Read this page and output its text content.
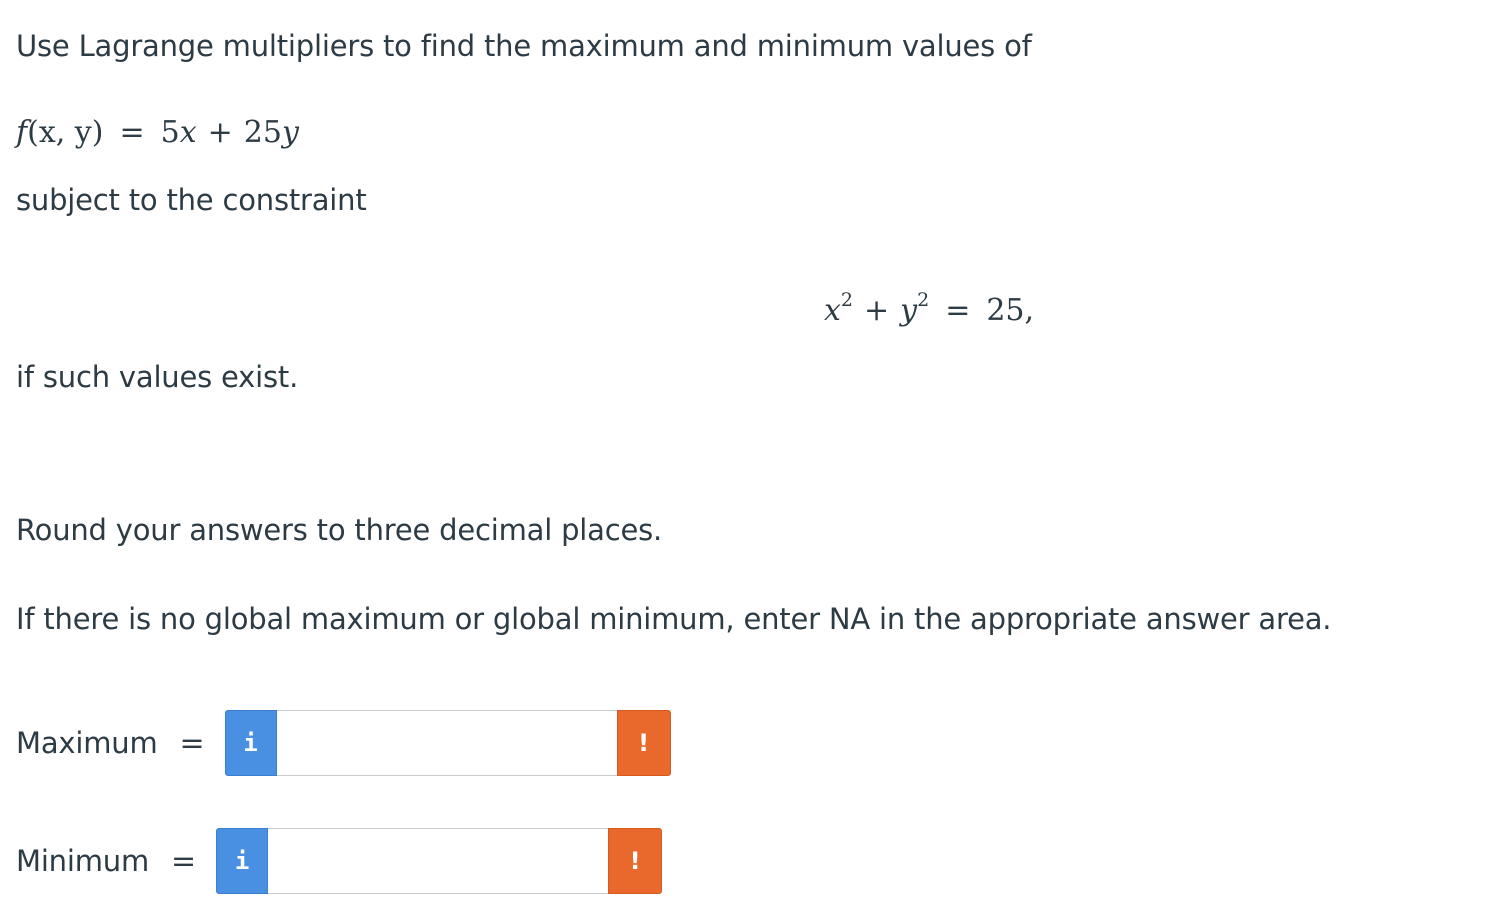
Use Lagrange multipliers to find the maximum and minimum values of
f(x, y) = 5x + 25y
subject to the constraint
$x^2 + y^2 = 25$,
if such values exist.
Round your answers to three decimal places.
If there is no global maximum or global minimum, enter NA in the appropriate answer area.
Maximum = i	!
Minimum = i	!
